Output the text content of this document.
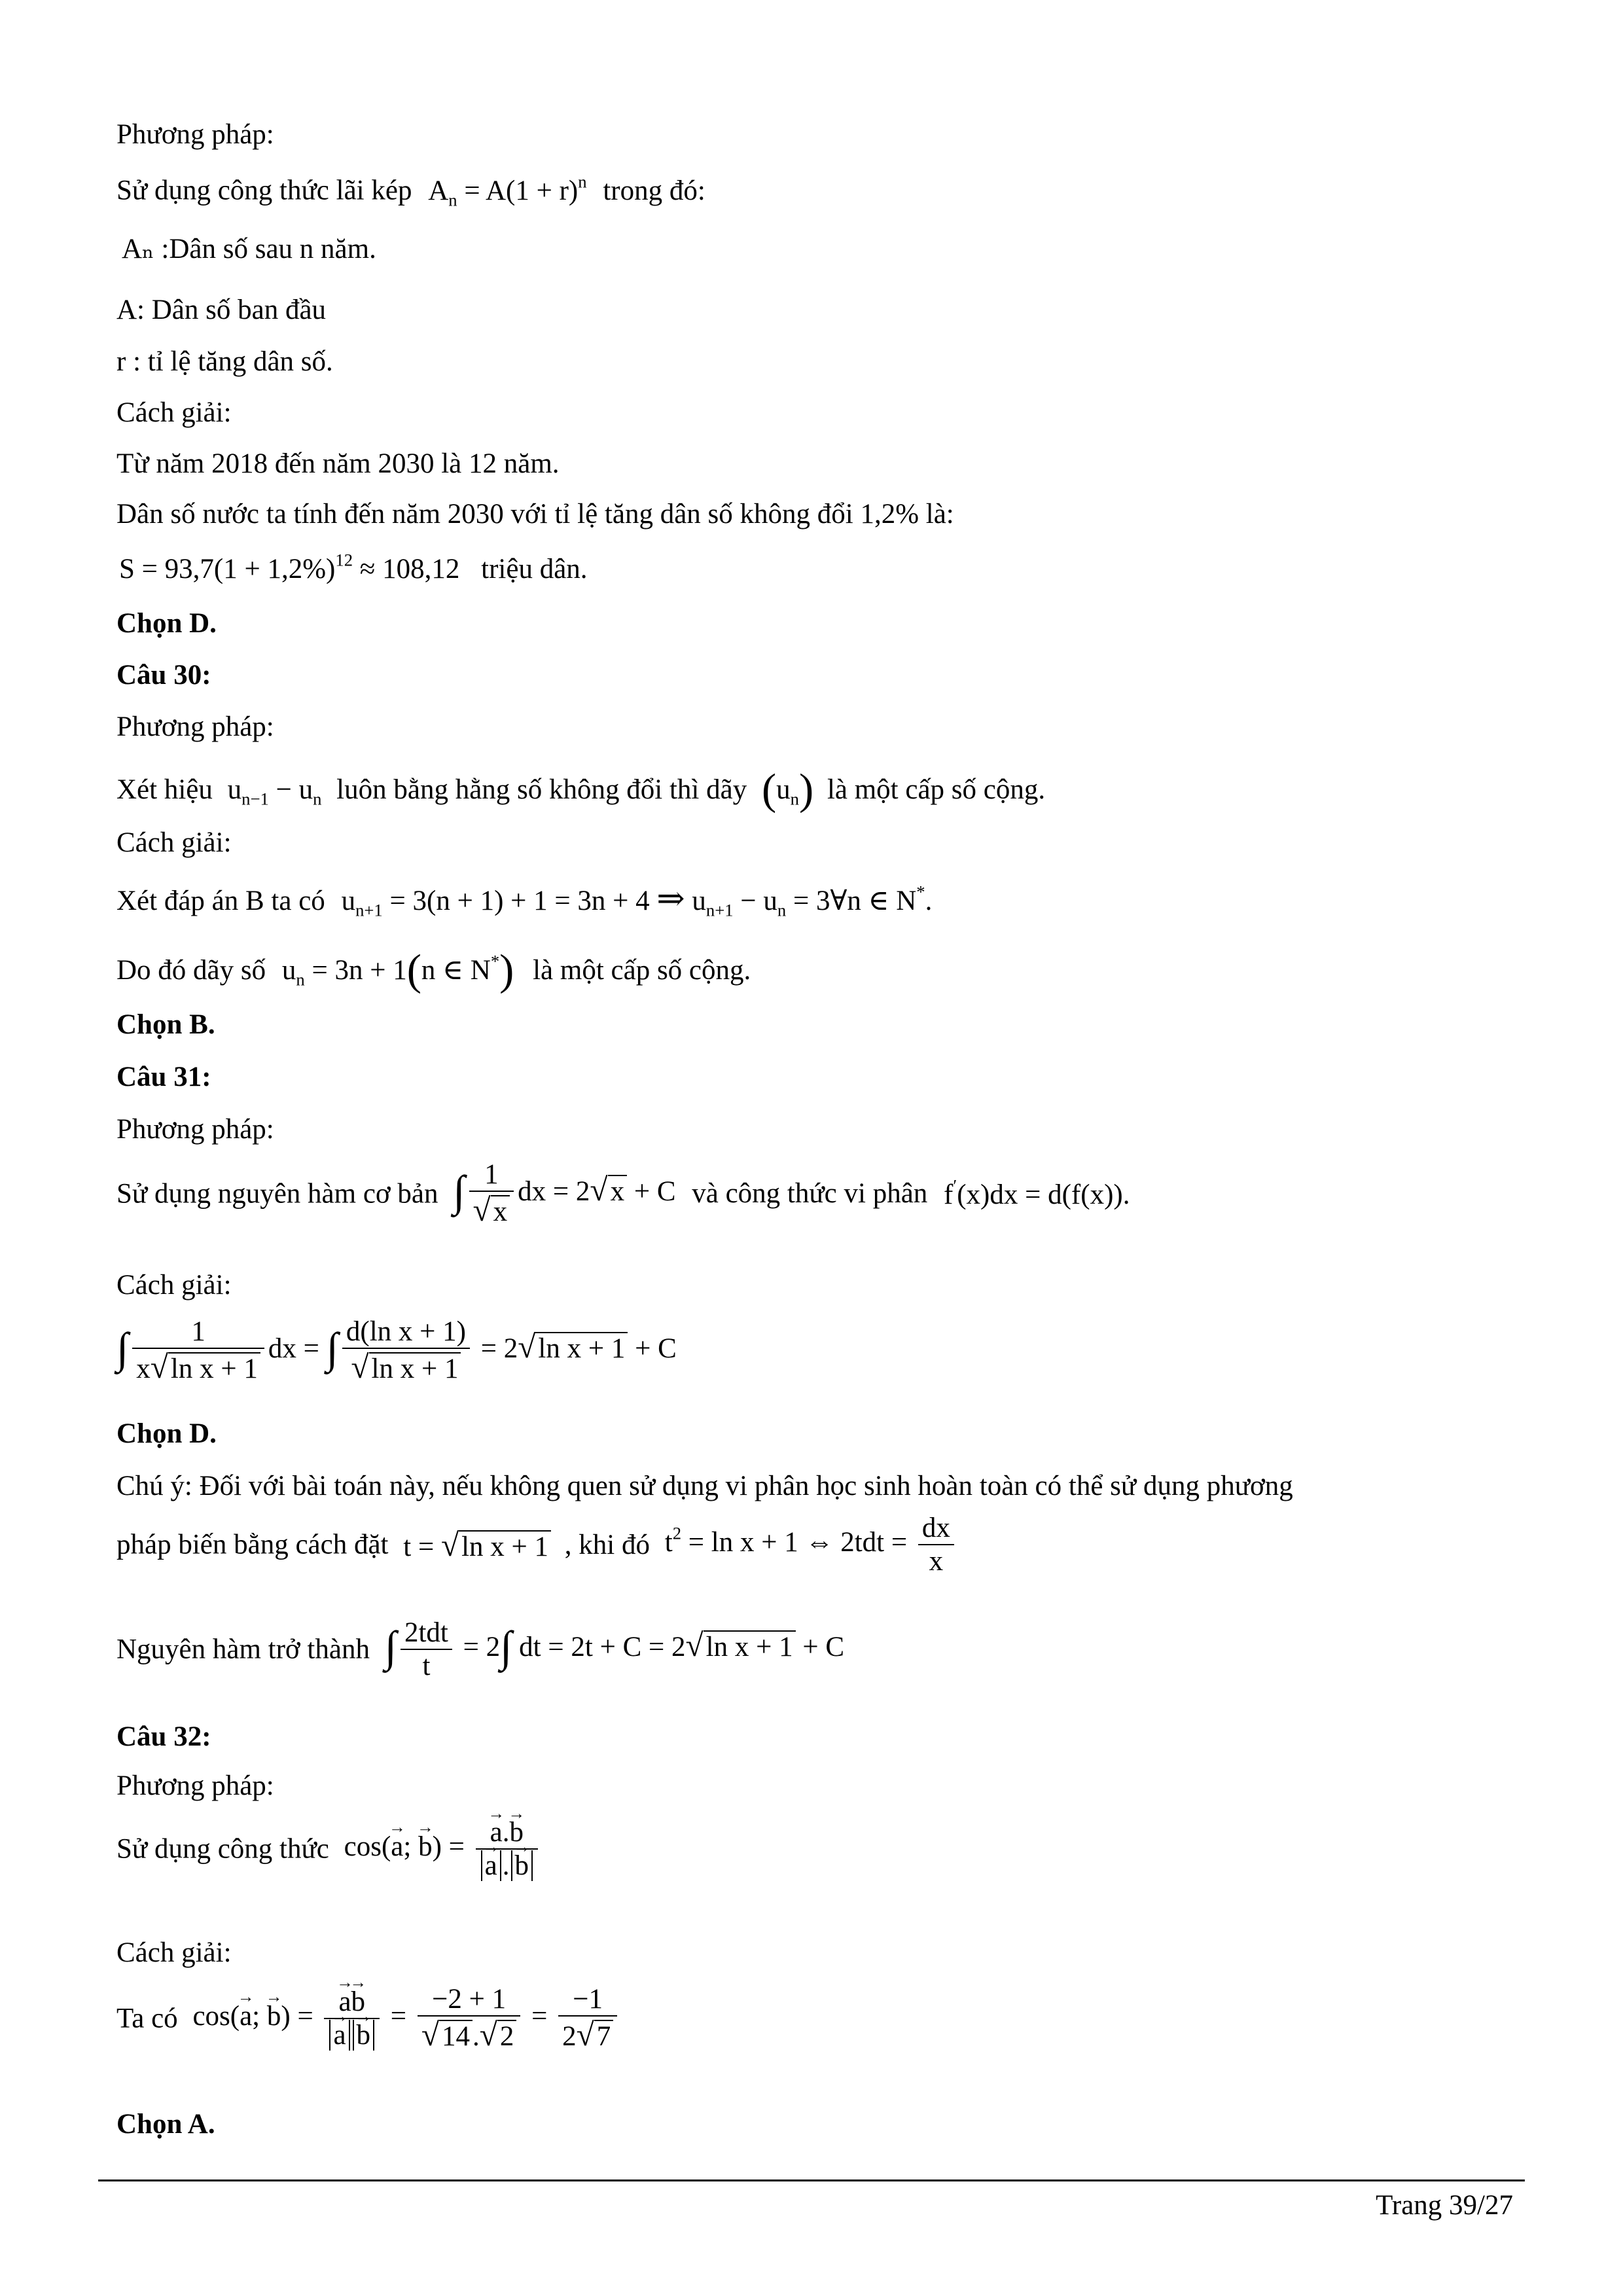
Phương pháp:
Sử dụng công thức lãi kép $A_n = A(1 + r)^n$ trong đó:
Aₙ :Dân số sau n năm.
A: Dân số ban đầu
r : tỉ lệ tăng dân số.
Cách giải:
Từ năm 2018 đến năm 2030 là 12 năm.
Dân số nước ta tính đến năm 2030 với tỉ lệ tăng dân số không đổi 1,2% là:
$S = 93,7(1 + 1,2\%)^{12} \approx 108,12$ triệu dân.
Chọn D.
Câu 30:
Phương pháp:
Xét hiệu $u_{n-1} - u_n$ luôn bằng hằng số không đổi thì dãy $(u_n)$ là một cấp số cộng.
Cách giải:
Xét đáp án B ta có $u_{n+1} = 3(n + 1) + 1 = 3n + 4$ ⇒ $u_{n+1} - u_n$ = 3∀n ∈ N*.
Do đó dãy số $u_n = 3n + 1(n$ ∈ N*) là một cấp số cộng.
Chọn B.
Câu 31:
Phương pháp:
Sử dụng nguyên hàm cơ bản ∫ $\frac{1}{√x}$ dx = 2√x + C và công thức vi phân f′(x)dx = d(f(x)).
Cách giải:
∫ $\frac{1}{\text{x√ln x + 1}}$ dx = ∫ $\frac{\text{d(ln x + 1)}}{\text{√ln x + 1}} = 2√\ln$ x + 1 + C
Chọn D.
Chú ý: Đối với bài toán này, nếu không quen sử dụng vi phân học sinh hoàn toàn có thể sử dụng phương
pháp biến bằng cách đặt t = √ln x + 1 , khi đó $t^2 = \ln x + 1$ ⇔ $2tdt = \frac{dx}{x}$
Nguyên hàm trở thành ∫ $\frac{\text{2tdt}}{t} = 2\int$ dt = 2t + C = 2√ln x + 1 + C
Câu 32:
Phương pháp:
Sử dụng công thức cos(→ a; → b) = → a.→ b
→ a . → b
Cách giải:
Ta có cos(→ a; → b) = → a→ b
→ $a \to b = \frac{-2 + 1}{√14.√2} = \frac{-1}{2√7}$
Chọn A.
Trang 39/27
